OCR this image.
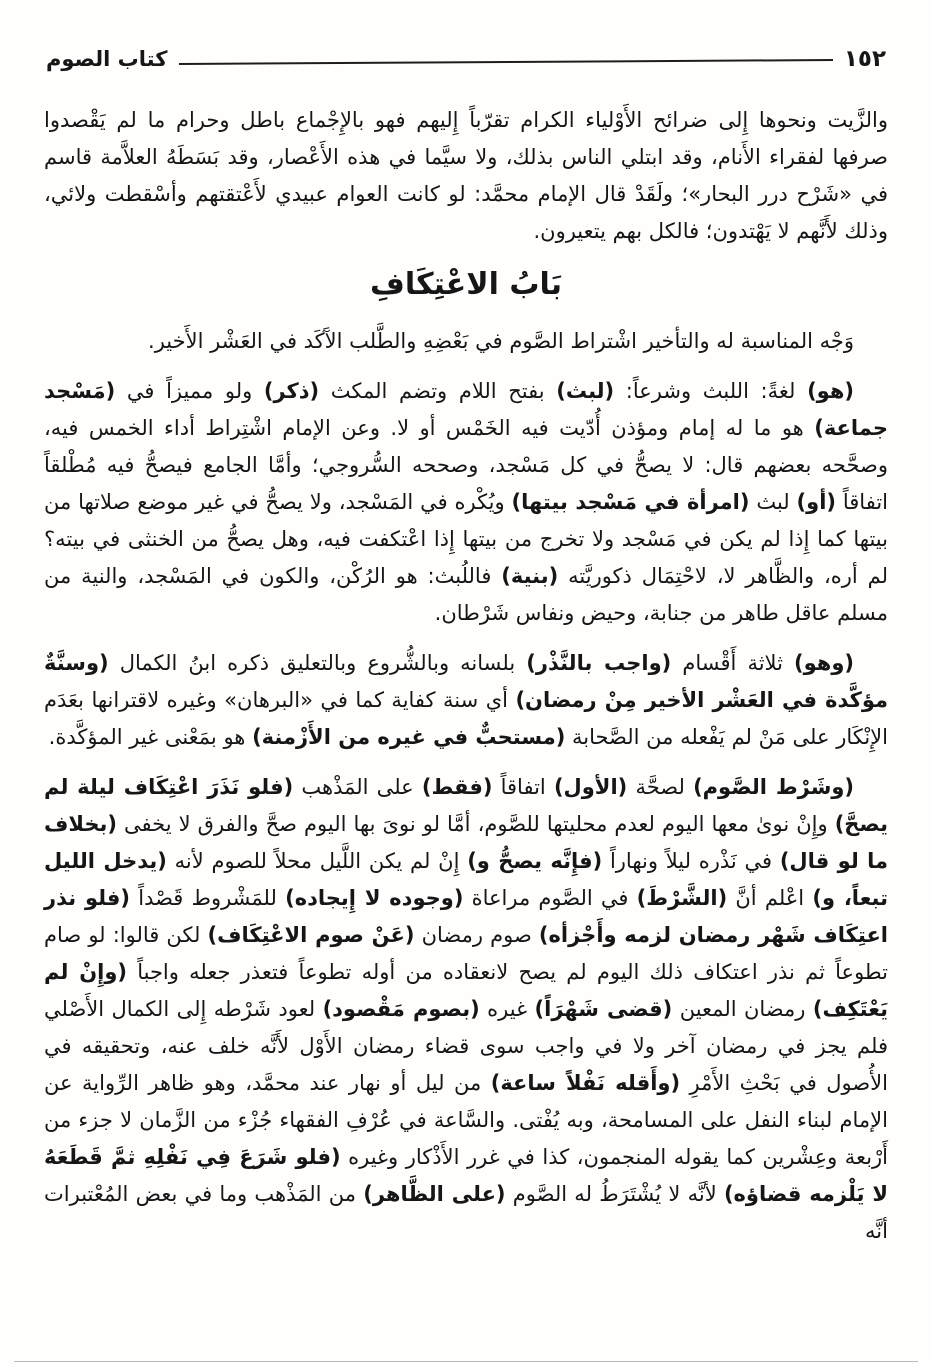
١٥٢
كتاب الصوم

والزَّيت ونحوها إِلى ضرائح الأَوْلياء الكرام تقرّباً إِليهم فهو بالإِجْماع باطل وحرام ما لم يَقْصدوا صرفها لفقراء الأَنام، وقد ابتلي الناس بذلك، ولا سيَّما في هذه الأَعْصار، وقد بَسَطَهُ العلاَّمة قاسم في «شَرْح درر البحار»؛ ولَقَدْ قال الإمام محمَّد: لو كانت العوام عبيدي لأَعْتقتهم وأسْقطت ولائي، وذلك لأَنَّهم لا يَهْتدون؛ فالكل بهم يتعيرون.

بَابُ الاعْتِكَافِ

وَجْه المناسبة له والتأخير اشْتراط الصَّوم في بَعْضِهِ والطَّلب الآَكَد في العَشْر الأَخير.

(هو) لغةً: اللبث وشرعاً: (لبث) بفتح اللام وتضم المكث (ذكر) ولو مميزاً في (مَسْجد جماعة) هو ما له إمام ومؤذن أُدّيت فيه الخَمْس أو لا. وعن الإمام اشْتِراط أداء الخمس فيه، وصحَّحه بعضهم قال: لا يصحُّ في كل مَسْجد، وصححه السُّروجي؛ وأمَّا الجامع فيصحُّ فيه مُطْلقاً اتفاقاً (أو) لبث (امرأة في مَسْجد بيتها) ويُكْره في المَسْجد، ولا يصحُّ في غير موضع صلاتها من بيتها كما إِذا لم يكن في مَسْجد ولا تخرج من بيتها إِذا اعْتكفت فيه، وهل يصحُّ من الخنثى في بيته؟ لم أره، والظَّاهر لا، لاحْتِمَال ذكوريَّته (بنية) فاللُبث: هو الرُكْن، والكون في المَسْجد، والنية من مسلم عاقل طاهر من جنابة، وحيض ونفاس شَرْطان.

(وهو) ثلاثة أَقْسام (واجب بالنَّذْر) بلسانه وبالشُّروع وبالتعليق ذكره ابنُ الكمال (وسنَّةٌ مؤكَّدة في العَشْر الأخير مِنْ رمضان) أي سنة كفاية كما في «البرهان» وغيره لاقترانها بعَدَم الإِنْكَار على مَنْ لم يَفْعله من الصَّحابة (مستحبٌّ في غيره من الأَزْمنة) هو بمَعْنى غير المؤكَّدة.

(وشَرْط الصَّوم) لصحَّة (الأول) اتفاقاً (فقط) على المَذْهب (فلو نَذَرَ اعْتِكَاف ليلة لم يصحَّ) وإِنْ نوىٰ معها اليوم لعدم محليتها للصَّوم، أمَّا لو نوىَ بها اليوم صحَّ والفرق لا يخفى (بخلاف ما لو قال) في نَذْره ليلاً ونهاراً (فإِنَّه يصحُّ و) إِنْ لم يكن اللَّيل محلاً للصوم لأنه (يدخل الليل تبعاً، و) اعْلم أنَّ (الشَّرْطَ) في الصَّوم مراعاة (وجوده لا إِيجاده) للمَشْروط قَصْداً (فلو نذر اعتِكَاف شَهْر رمضان لزمه وأَجْزأه) صوم رمضان (عَنْ صوم الاعْتِكَاف) لكن قالوا: لو صام تطوعاً ثم نذر اعتكاف ذلك اليوم لم يصح لانعقاده من أوله تطوعاً فتعذر جعله واجباً (وإِنْ لم يَعْتَكِف) رمضان المعين (قضى شَهْرَاً) غيره (بصوم مَقْصود) لعود شَرْطه إِلى الكمال الأَصْلي فلم يجز في رمضان آخر ولا في واجب سوى قضاء رمضان الأَوْل لأَنَّه خلف عنه، وتحقيقه في الأُصول في بَحْثِ الأَمْرِ (وأَقله نَفْلاً ساعة) من ليل أو نهار عند محمَّد، وهو ظاهر الرِّواية عن الإمام لبناء النفل على المسامحة، وبه يُفْتى. والسَّاعة في عُرْفِ الفقهاء جُزْء من الزَّمان لا جزء من أَرْبعة وعِشْرين كما يقوله المنجمون، كذا في غرر الأَذْكار وغيره (فلو شَرَعَ فِي نَفْلِهِ ثمَّ قَطَعَهُ لا يَلْزمه قضاؤه) لأنَّه لا يُشْتَرَطُ له الصَّوم (على الظَّاهر) من المَذْهب وما في بعض المُعْتبرات أنَّه
